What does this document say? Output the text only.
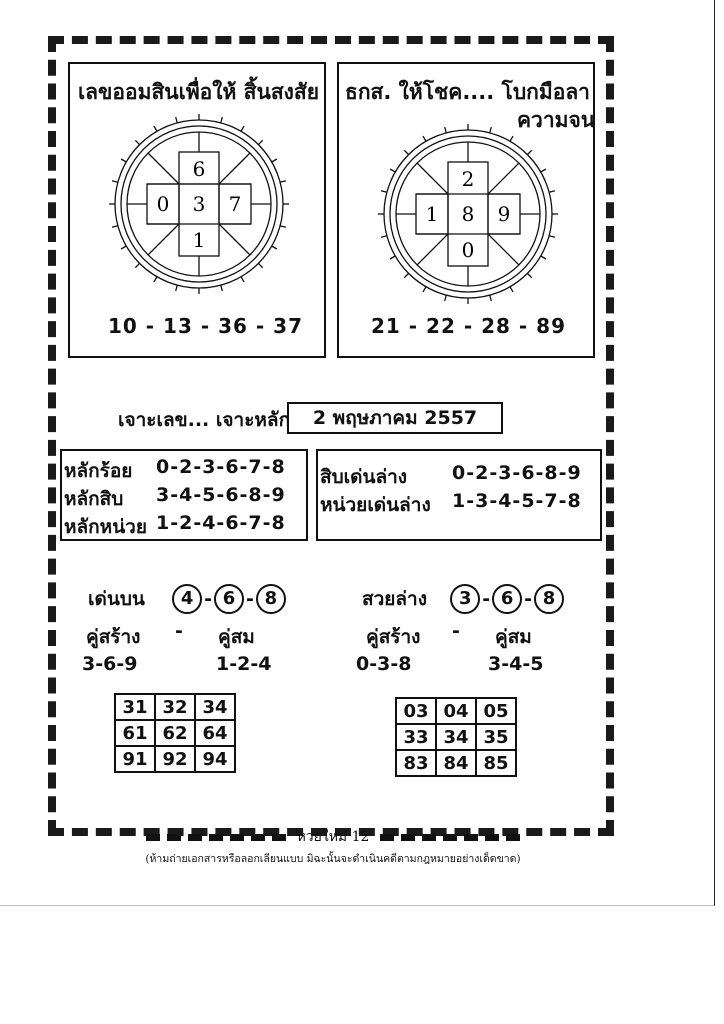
เลขออมสินเพื่อให้ สิ้นสงสัย
6
0 3 7
1
10 - 13 - 36 - 37
ธกส. ให้โชค.... โบกมือลา
ความจน
2
1 8 9
0
21 - 22 - 28 - 89
เจาะเลข... เจาะหลัก	2 พฤษภาคม 2557
หลักร้อย 0-2-3-6-7-8
หลักสิบ 3-4-5-6-8-9
หลักหน่วย 1-2-4-6-7-8
สิบเด่นล่าง 0-2-3-6-8-9
หน่วยเด่นล่าง 1-3-4-5-7-8
เด่นบน 4 - 6 - 8
คู่สร้าง - คู่สม
3-6-9	1-2-4
31	32	34
61	62	64
91	92	94
สวยล่าง 3 - 6 - 8
คู่สร้าง - คู่สม
0-3-8	3-4-5
03	04	05
33	34	35
83	84	85
หวยใหม่ 12
(ห้ามถ่ายเอกสารหรือลอกเลียนแบบ มิฉะนั้นจะดำเนินคดีตามกฎหมายอย่างเด็ดขาด)
